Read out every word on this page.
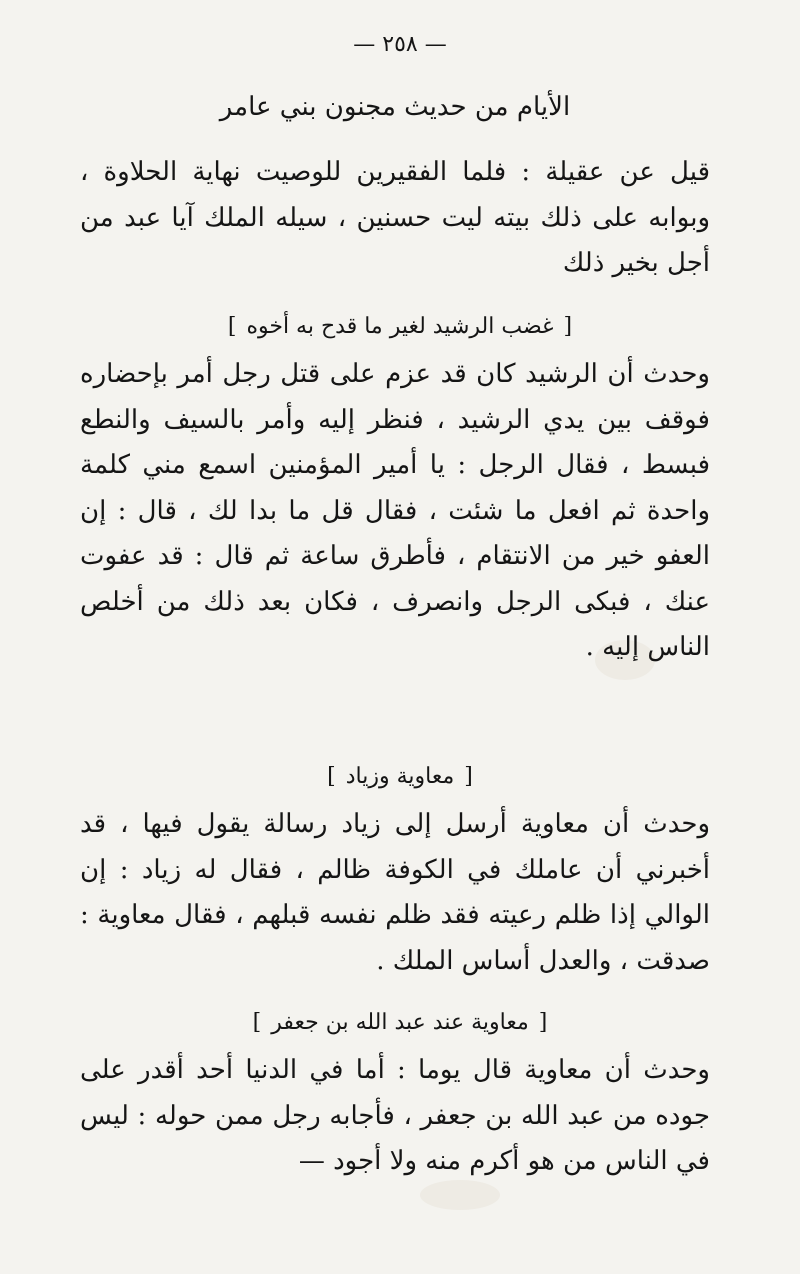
— ٢٥٨ —
الأيام من حديث مجنون بني عامر
قيل عن عقيلة : فلما الفقيرين للوصيت نهاية الحلاوة ، وبوابه على ذلك بيته ليت حسنين ، سيله الملك آيا عبد من أجل بخير ذلك
[غضب الرشيد لغير ما قدح به أخوه]
وحدث أن الرشيد كان قد عزم على قتل رجل أمر بإحضاره فوقف بين يدي الرشيد ، فنظر إليه وأمر بالسيف والنطع فبسط ، فقال الرجل : يا أمير المؤمنين اسمع مني كلمة واحدة ثم افعل ما شئت ، فقال قل ما بدا لك ، قال : إن العفو خير من الانتقام ، فأطرق ساعة ثم قال : قد عفوت عنك ، فبكى الرجل وانصرف ، فكان بعد ذلك من أخلص الناس إليه .
[معاوية وزياد]
وحدث أن معاوية أرسل إلى زياد رسالة يقول فيها ، قد أخبرني أن عاملك في الكوفة ظالم ، فقال له زياد : إن الوالي إذا ظلم رعيته فقد ظلم نفسه قبلهم ، فقال معاوية : صدقت ، والعدل أساس الملك .
[معاوية عند عبد الله بن جعفر]
وحدث أن معاوية قال يوما : أما في الدنيا أحد أقدر على جوده من عبد الله بن جعفر ، فأجابه رجل ممن حوله : ليس في الناس من هو أكرم منه ولا أجود —
